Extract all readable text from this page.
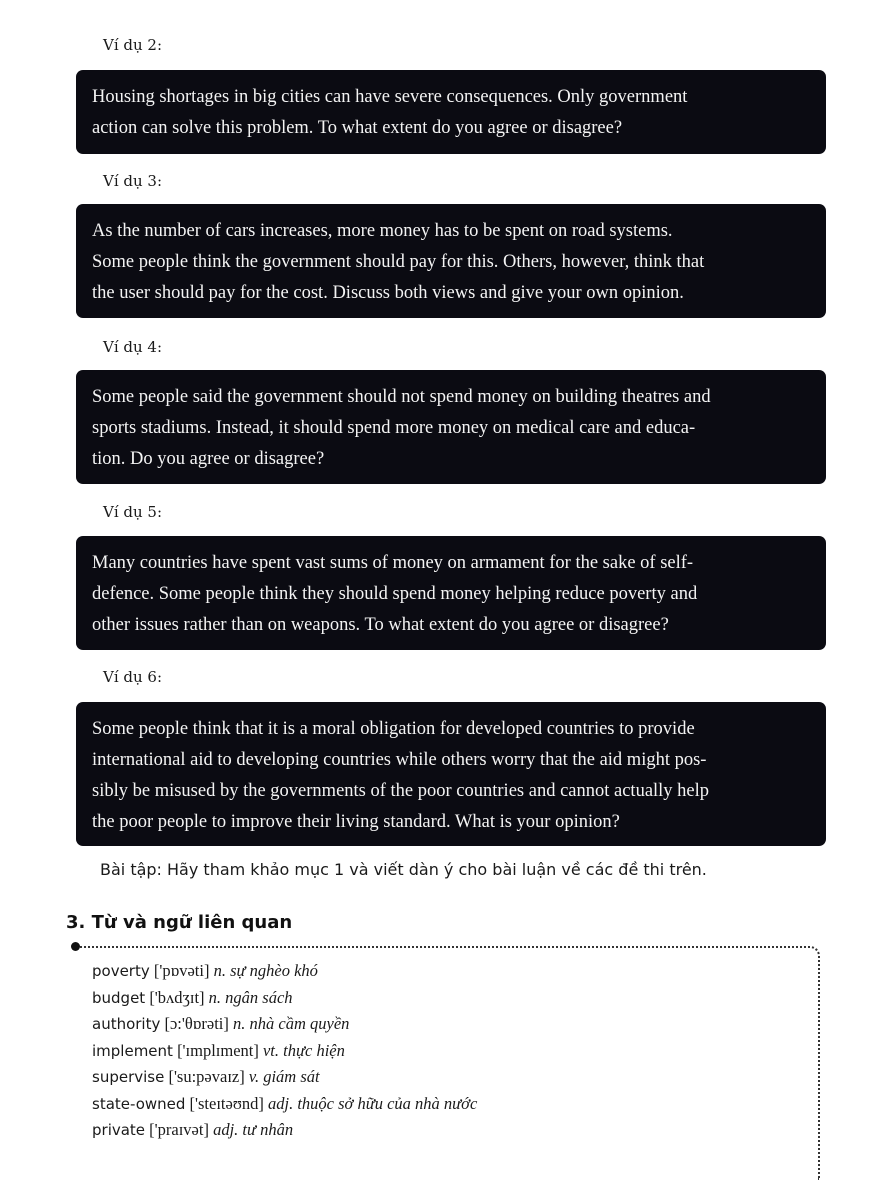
Ví dụ 2:

Housing shortages in big cities can have severe consequences. Only government

action can solve this problem. To what extent do you agree or disagree?

Ví dụ 3:

As the number of cars increases, more money has to be spent on road systems.

Some people think the government should pay for this. Others, however, think that

the user should pay for the cost. Discuss both views and give your own opinion.

Ví dụ 4:

Some people said the government should not spend money on building theatres and

sports stadiums. Instead, it should spend more money on medical care and educa-

tion. Do you agree or disagree?

Ví dụ 5:

Many countries have spent vast sums of money on armament for the sake of self-

defence. Some people think they should spend money helping reduce poverty and

other issues rather than on weapons. To what extent do you agree or disagree?

Ví dụ 6:

Some people think that it is a moral obligation for developed countries to provide

international aid to developing countries while others worry that the aid might pos-

sibly be misused by the governments of the poor countries and cannot actually help

the poor people to improve their living standard. What is your opinion?

Bài tập: Hãy tham khảo mục 1 và viết dàn ý cho bài luận về các đề thi trên.
3. Từ và ngữ liên quan
poverty ['pɒvəti] n. sự nghèo khó
budget ['bʌdʒɪt] n. ngân sách
authority [ɔ:'θɒrəti] n. nhà cầm quyền
implement ['ɪmplɪment] vt. thực hiện
supervise ['su:pəvaɪz] v. giám sát
state-owned ['steɪtəʊnd] adj. thuộc sở hữu của nhà nước
private ['praɪvət] adj. tư nhân
